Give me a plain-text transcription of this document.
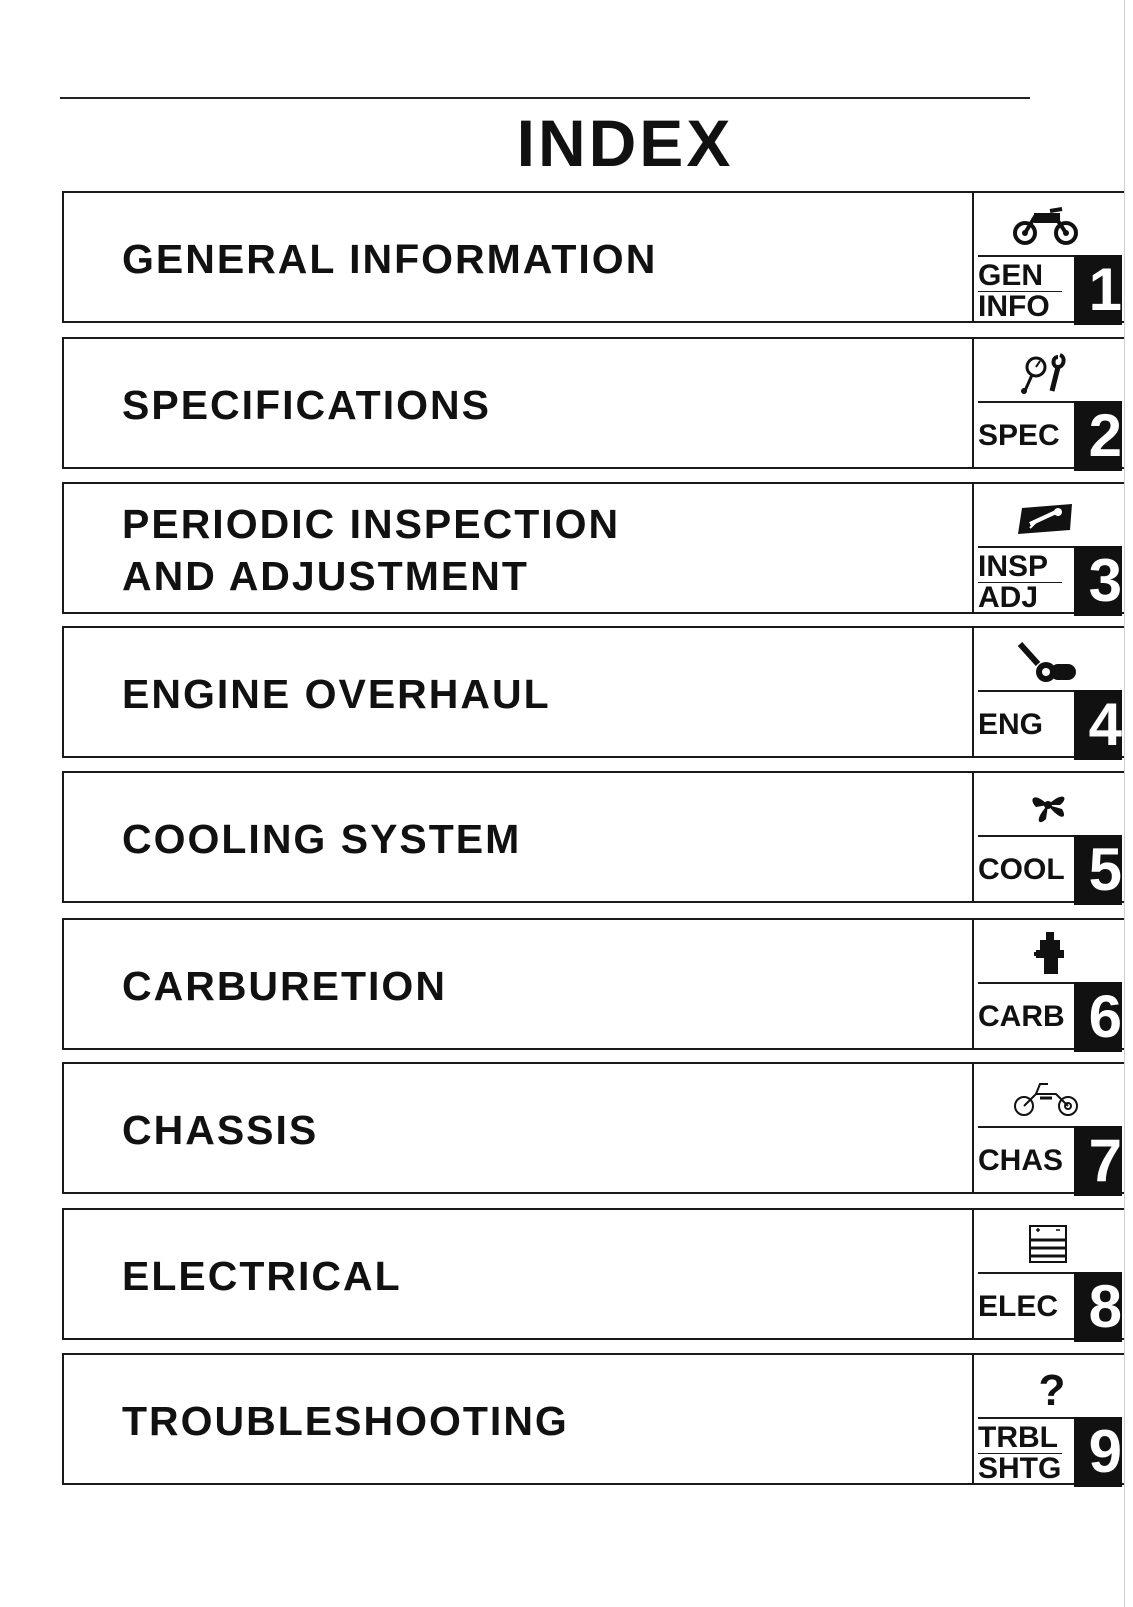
INDEX
GENERAL INFORMATION	GEN
INFO 1
SPECIFICATIONS
SPEC 2
PERIODIC INSPECTION
AND ADJUSTMENT	INSP
ADJ 3
ENGINE OVERHAUL
ENG 4
COOLING SYSTEM
COOL 5
CARBURETION
CARB 6
CHASSIS
CHAS 7
ELECTRICAL
ELEC 8
TROUBLESHOOTING
?
TRBL
SHTG 9
